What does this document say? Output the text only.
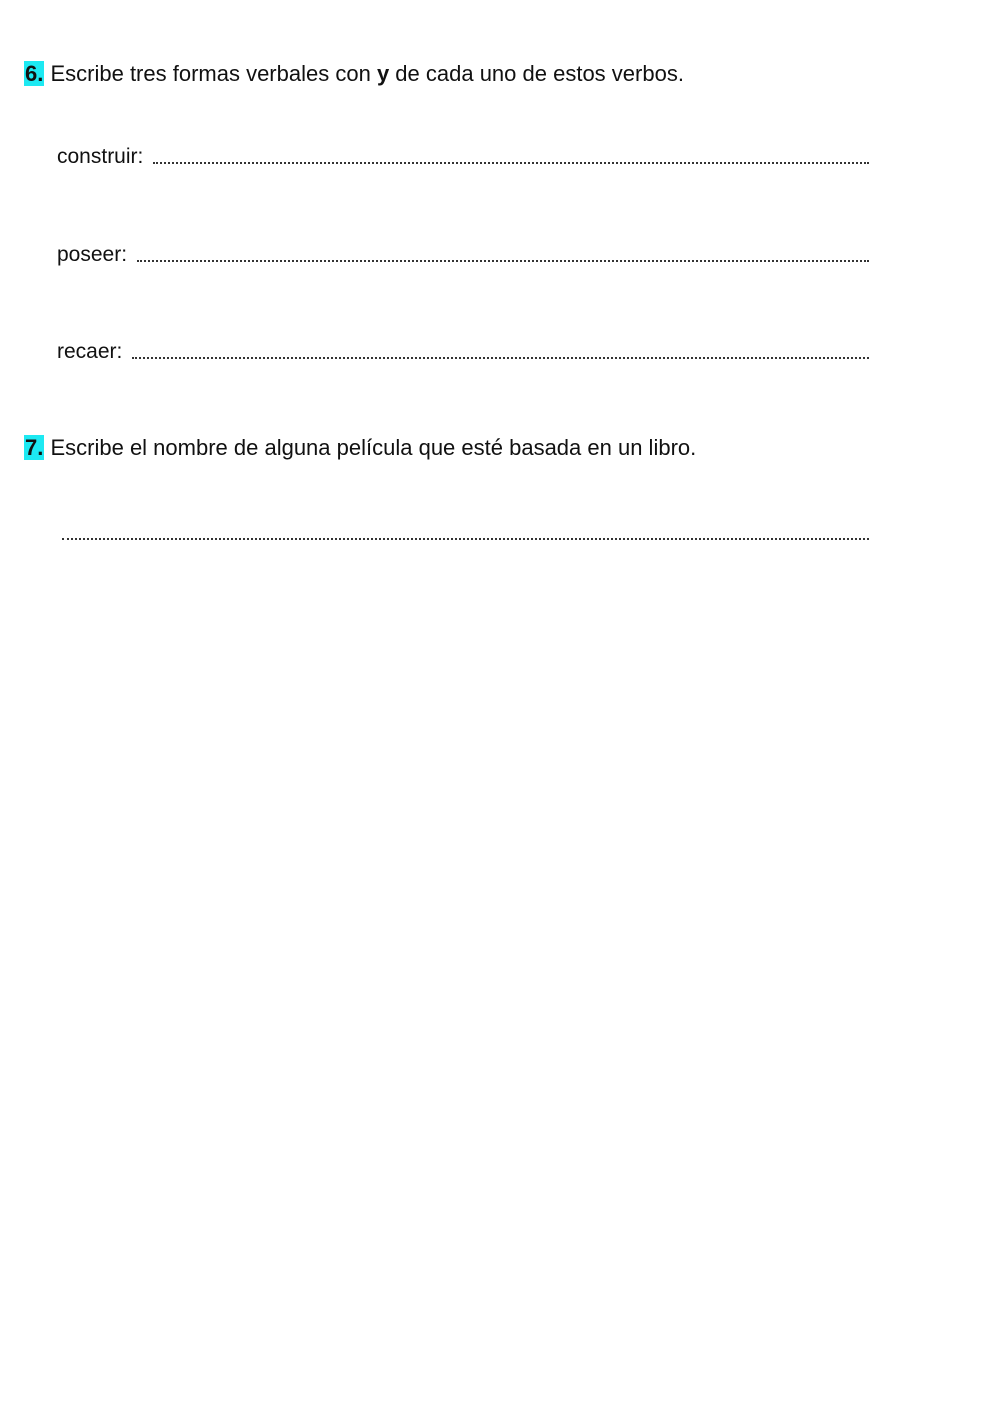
6. Escribe tres formas verbales con y de cada uno de estos verbos.
construir:
poseer:
recaer:
7. Escribe el nombre de alguna película que esté basada en un libro.
